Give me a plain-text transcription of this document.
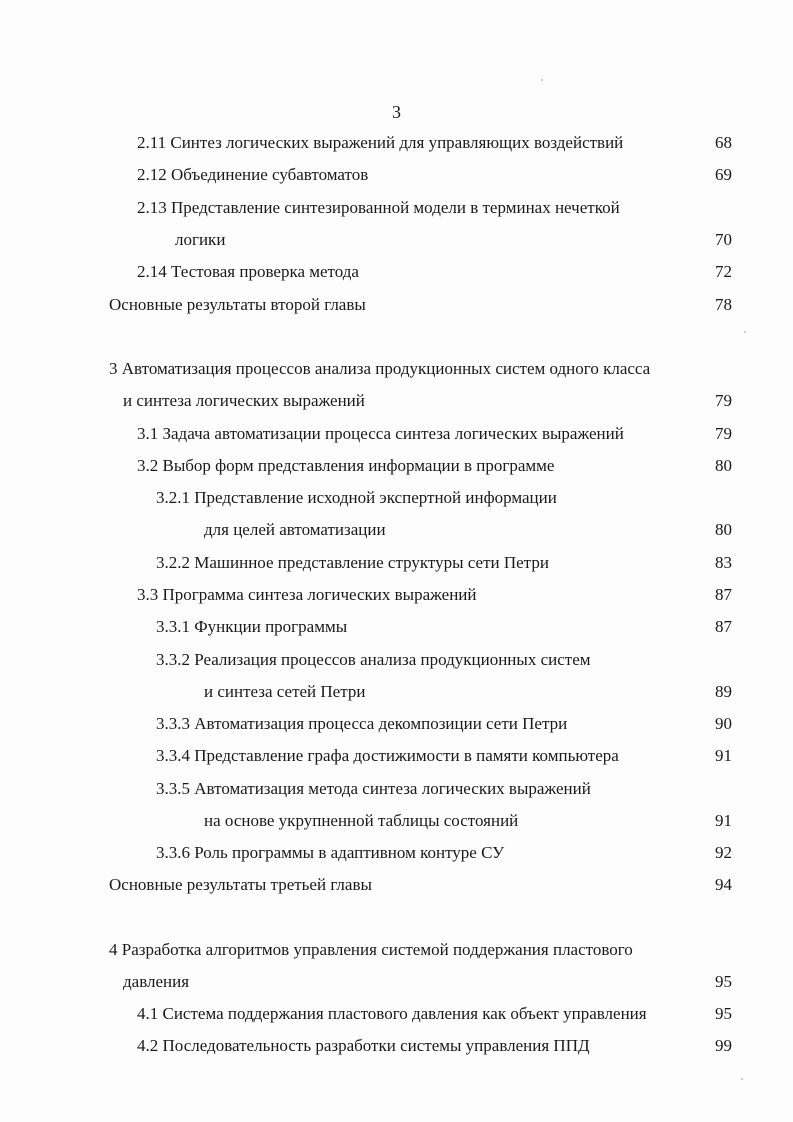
3
2.11 Синтез логических выражений для управляющих воздействий	68
2.12 Объединение субавтоматов	69
2.13 Представление синтезированной модели в терминах нечеткой
логики	70
2.14 Тестовая проверка метода	72
Основные результаты второй главы	78
3 Автоматизация процессов анализа продукционных систем одного класса
и синтеза логических выражений	79
3.1 Задача автоматизации процесса синтеза логических выражений	79
3.2 Выбор форм представления информации в программе	80
3.2.1 Представление исходной экспертной информации
для целей автоматизации	80
3.2.2 Машинное представление структуры сети Петри	83
3.3 Программа синтеза логических выражений	87
3.3.1 Функции программы	87
3.3.2 Реализация процессов анализа продукционных систем
и синтеза сетей Петри	89
3.3.3 Автоматизация процесса декомпозиции сети Петри	90
3.3.4 Представление графа достижимости в памяти компьютера	91
3.3.5 Автоматизация метода синтеза логических выражений
на основе укрупненной таблицы состояний	91
3.3.6 Роль программы в адаптивном контуре СУ	92
Основные результаты третьей главы	94
4 Разработка алгоритмов управления системой поддержания пластового
давления	95
4.1 Система поддержания пластового давления как объект управления	95
4.2 Последовательность разработки системы управления ППД	99
